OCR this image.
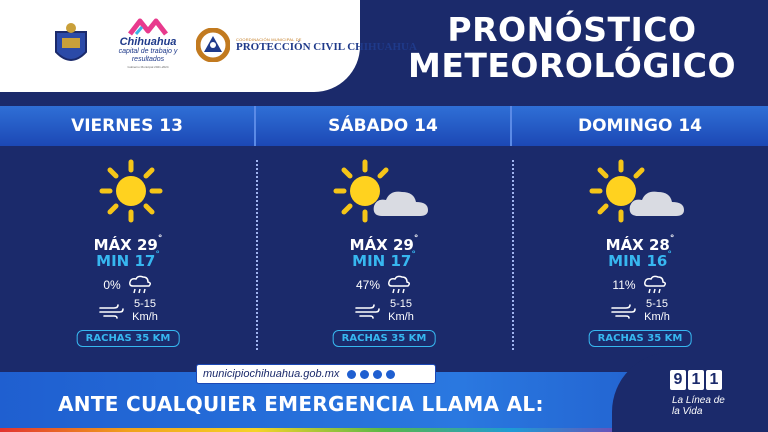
Chihuahua
capital de trabajo y resultados
Gobierno Municipal 2021-2024
COORDINACIÓN MUNICIPAL DE
PROTECCIÓN CIVIL CHIHUAHUA PRONÓSTICO
METEOROLÓGICO
VIERNES 13	SÁBADO 14	DOMINGO 14
MÁX 29°
MIN 17°
0%
5-15
Km/h
RACHAS 35 KM
MÁX 29°
MIN 17°
47%
5-15
Km/h
RACHAS 35 KM
MÁX 28°
MIN 16°
11%
5-15
Km/h
RACHAS 35 KM
municipiochihuahua.gob.mx
ANTE CUALQUIER EMERGENCIA LLAMA AL:
9 1 1
La Línea de la Vida
